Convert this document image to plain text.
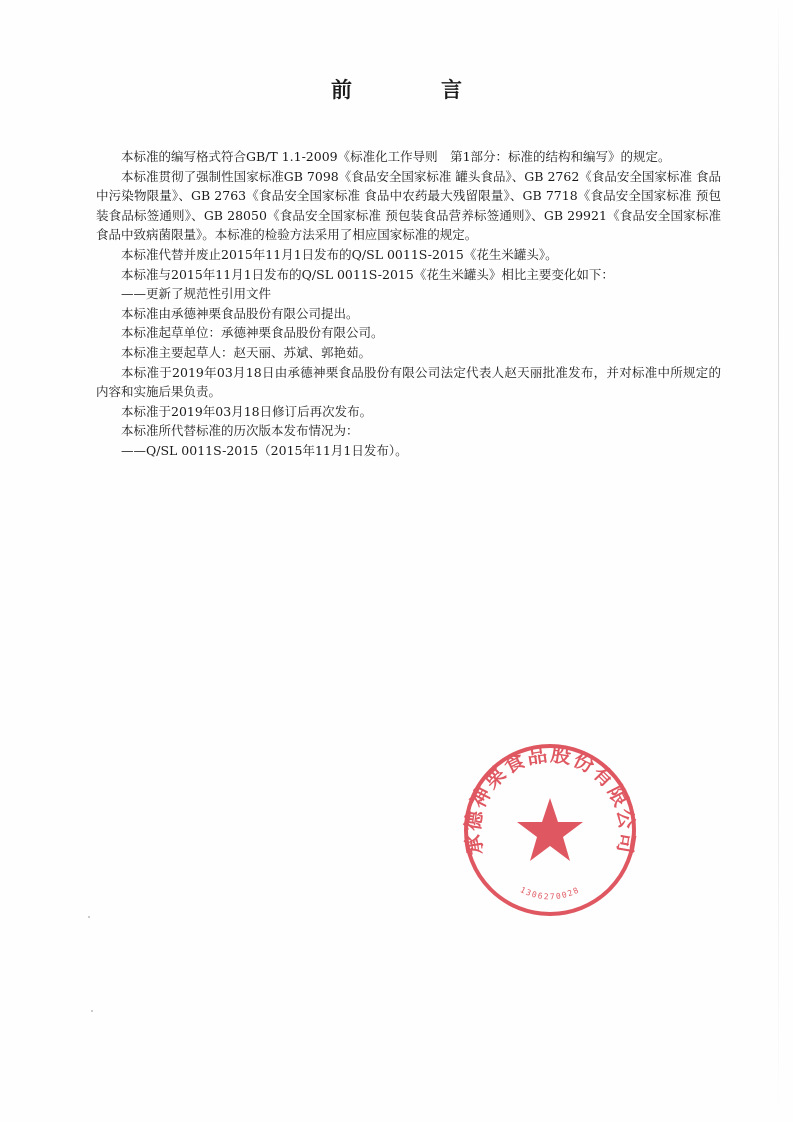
前　言

本标准的编写格式符合GB/T 1.1-2009《标准化工作导则　第1部分：标准的结构和编写》的规定。

本标准贯彻了强制性国家标准GB 7098《食品安全国家标准 罐头食品》、GB 2762《食品安全国家标准 食品中污染物限量》、GB 2763《食品安全国家标准 食品中农药最大残留限量》、GB 7718《食品安全国家标准 预包装食品标签通则》、GB 28050《食品安全国家标准 预包装食品营养标签通则》、GB 29921《食品安全国家标准 食品中致病菌限量》。本标准的检验方法采用了相应国家标准的规定。

本标准代替并废止2015年11月1日发布的Q/SL 0011S-2015《花生米罐头》。

本标准与2015年11月1日发布的Q/SL 0011S-2015《花生米罐头》相比主要变化如下：

——更新了规范性引用文件

本标准由承德神栗食品股份有限公司提出。

本标准起草单位：承德神栗食品股份有限公司。

本标准主要起草人：赵天丽、苏斌、郭艳茹。

本标准于2019年03月18日由承德神栗食品股份有限公司法定代表人赵天丽批准发布，并对标准中所规定的内容和实施后果负责。

本标准于2019年03月18日修订后再次发布。

本标准所代替标准的历次版本发布情况为：

——Q/SL 0011S-2015（2015年11月1日发布）。

承德神栗食品股份有限公司
1306270028
